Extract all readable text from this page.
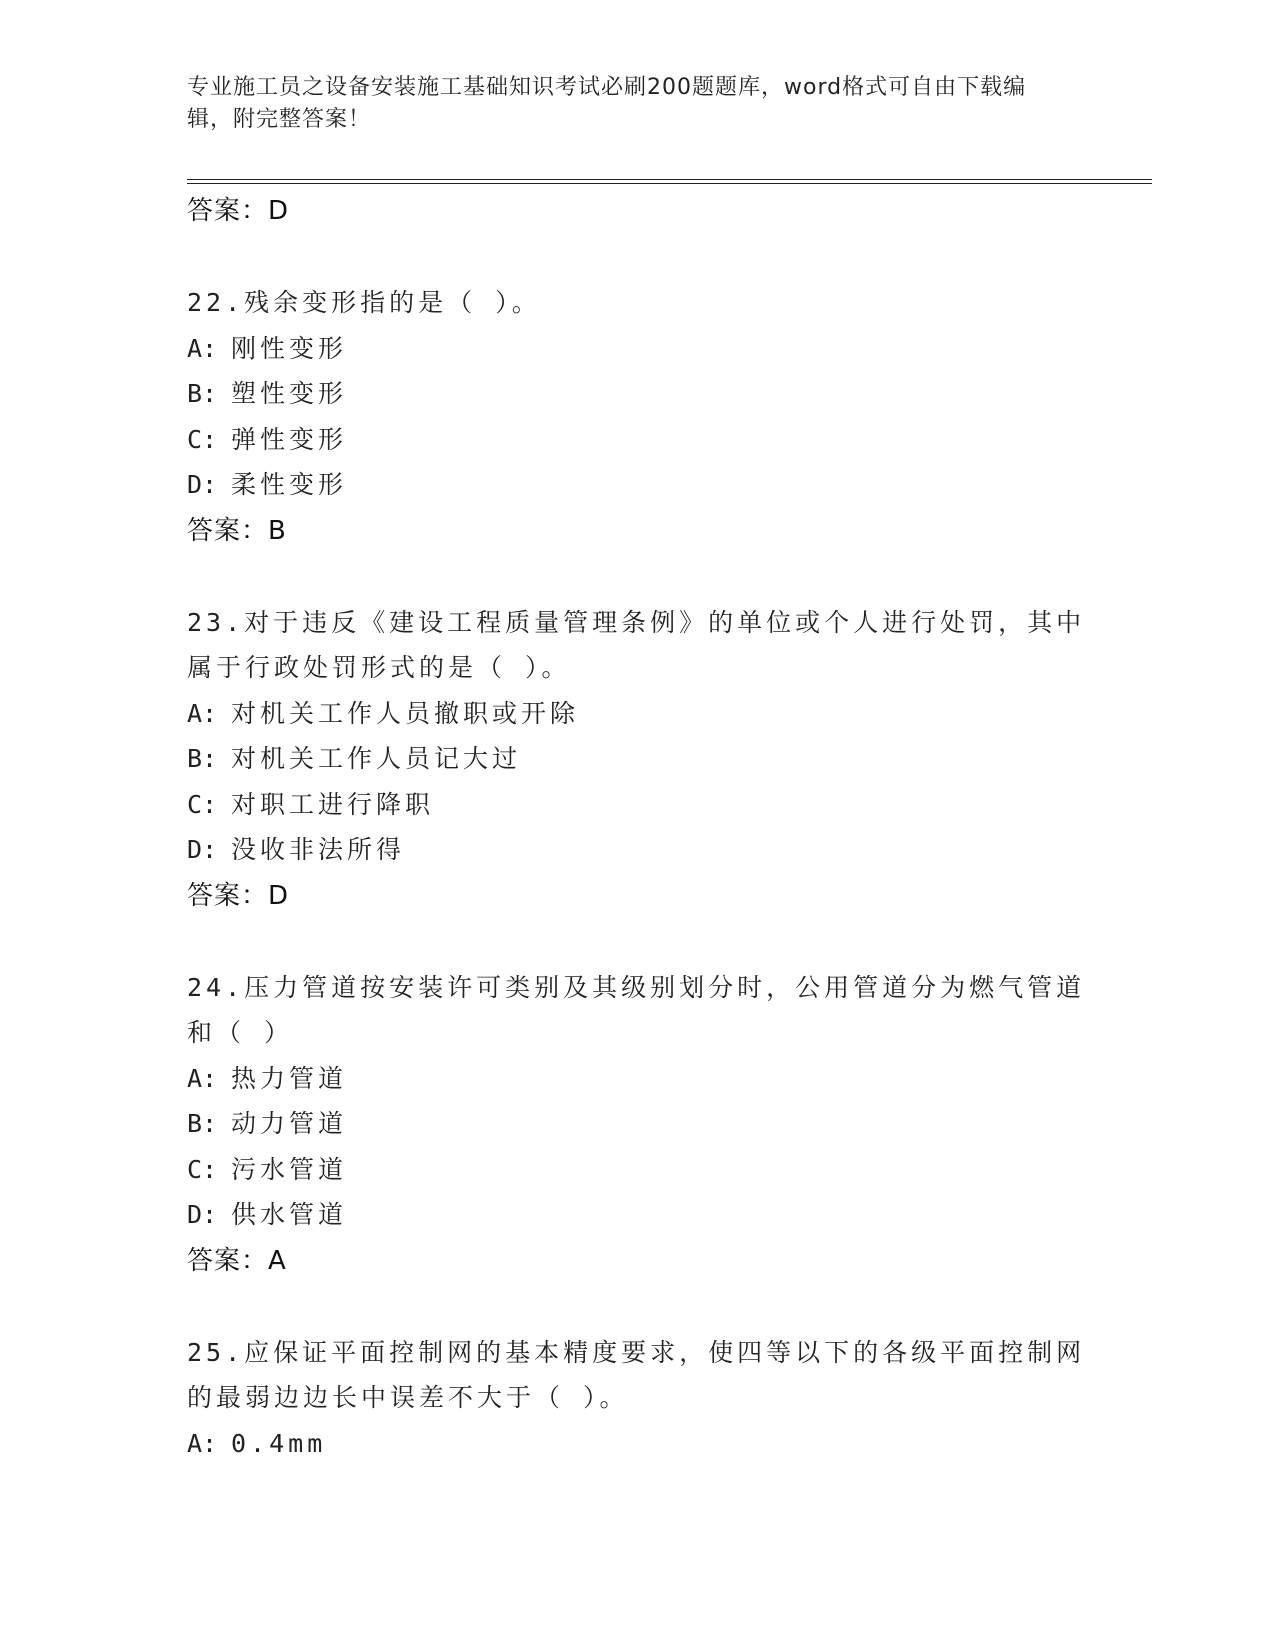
专业施工员之设备安装施工基础知识考试必刷200题题库，word格式可自由下载编辑，附完整答案！
答案：D
22.残余变形指的是（ ）。
A: 刚性变形
B: 塑性变形
C: 弹性变形
D: 柔性变形
答案：B
23.对于违反《建设工程质量管理条例》的单位或个人进行处罚，其中属于行政处罚形式的是（ ）。
A: 对机关工作人员撤职或开除
B: 对机关工作人员记大过
C: 对职工进行降职
D: 没收非法所得
答案：D
24.压力管道按安装许可类别及其级别划分时，公用管道分为燃气管道和（ ）
A: 热力管道
B: 动力管道
C: 污水管道
D: 供水管道
答案：A
25.应保证平面控制网的基本精度要求，使四等以下的各级平面控制网的最弱边边长中误差不大于（ ）。
A: 0.4mm
